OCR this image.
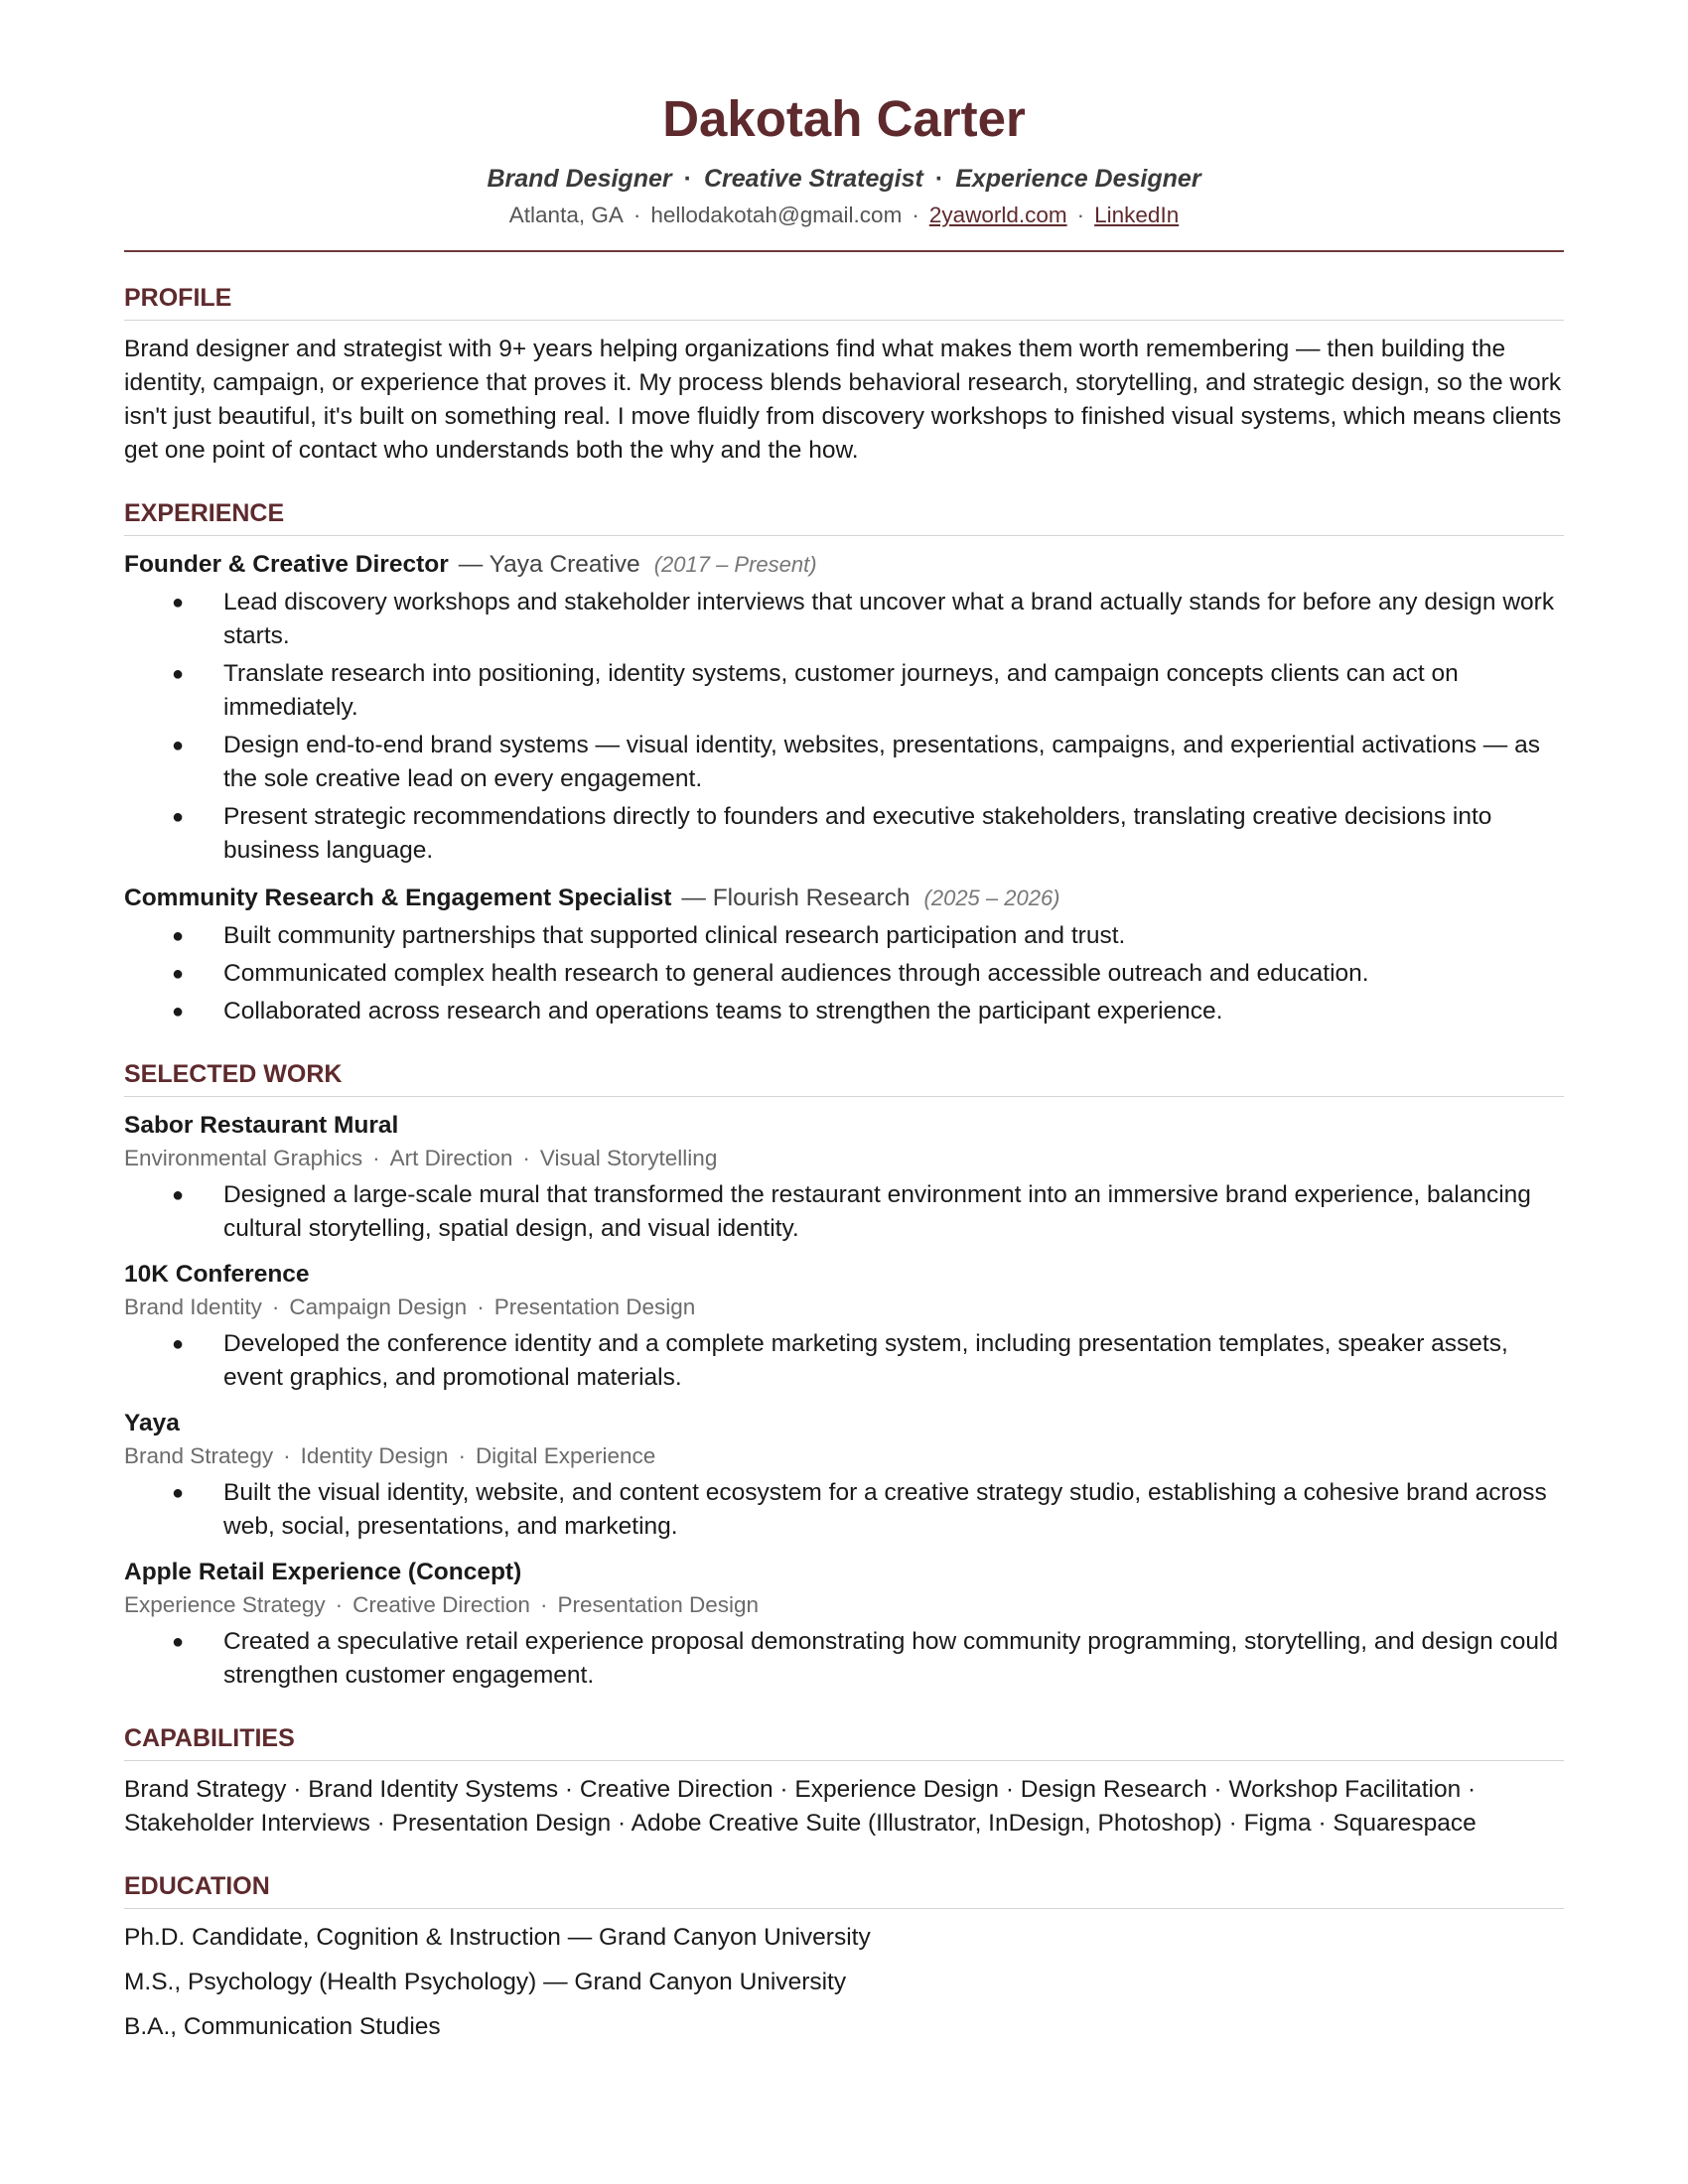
Dakotah Carter
Brand Designer · Creative Strategist · Experience Designer
Atlanta, GA · hellodakotah@gmail.com · 2yaworld.com · LinkedIn
PROFILE

Brand designer and strategist with 9+ years helping organizations find what makes them worth remembering — then building the identity, campaign, or experience that proves it. My process blends behavioral research, storytelling, and strategic design, so the work isn't just beautiful, it's built on something real. I move fluidly from discovery workshops to finished visual systems, which means clients get one point of contact who understands both the why and the how.

EXPERIENCE

Founder & Creative Director — Yaya Creative (2017 – Present)

● Lead discovery workshops and stakeholder interviews that uncover what a brand actually stands for before any design work starts.
● Translate research into positioning, identity systems, customer journeys, and campaign concepts clients can act on immediately.
● Design end-to-end brand systems — visual identity, websites, presentations, campaigns, and experiential activations — as the sole creative lead on every engagement.
● Present strategic recommendations directly to founders and executive stakeholders, translating creative decisions into business language.

Community Research & Engagement Specialist — Flourish Research (2025 – 2026)

● Built community partnerships that supported clinical research participation and trust.
● Communicated complex health research to general audiences through accessible outreach and education.
● Collaborated across research and operations teams to strengthen the participant experience.
SELECTED WORK
Sabor Restaurant Mural
Environmental Graphics · Art Direction · Visual Storytelling
● Designed a large-scale mural that transformed the restaurant environment into an immersive brand experience, balancing cultural storytelling, spatial design, and visual identity.
10K Conference
Brand Identity · Campaign Design · Presentation Design
● Developed the conference identity and a complete marketing system, including presentation templates, speaker assets, event graphics, and promotional materials.
Yaya
Brand Strategy · Identity Design · Digital Experience
● Built the visual identity, website, and content ecosystem for a creative strategy studio, establishing a cohesive brand across web, social, presentations, and marketing.
Apple Retail Experience (Concept)
Experience Strategy · Creative Direction · Presentation Design
● Created a speculative retail experience proposal demonstrating how community programming, storytelling, and design could strengthen customer engagement.
CAPABILITIES

Brand Strategy · Brand Identity Systems · Creative Direction · Experience Design · Design Research · Workshop Facilitation · Stakeholder Interviews · Presentation Design · Adobe Creative Suite (Illustrator, InDesign, Photoshop) · Figma · Squarespace

EDUCATION
Ph.D. Candidate, Cognition & Instruction — Grand Canyon University
M.S., Psychology (Health Psychology) — Grand Canyon University
B.A., Communication Studies
